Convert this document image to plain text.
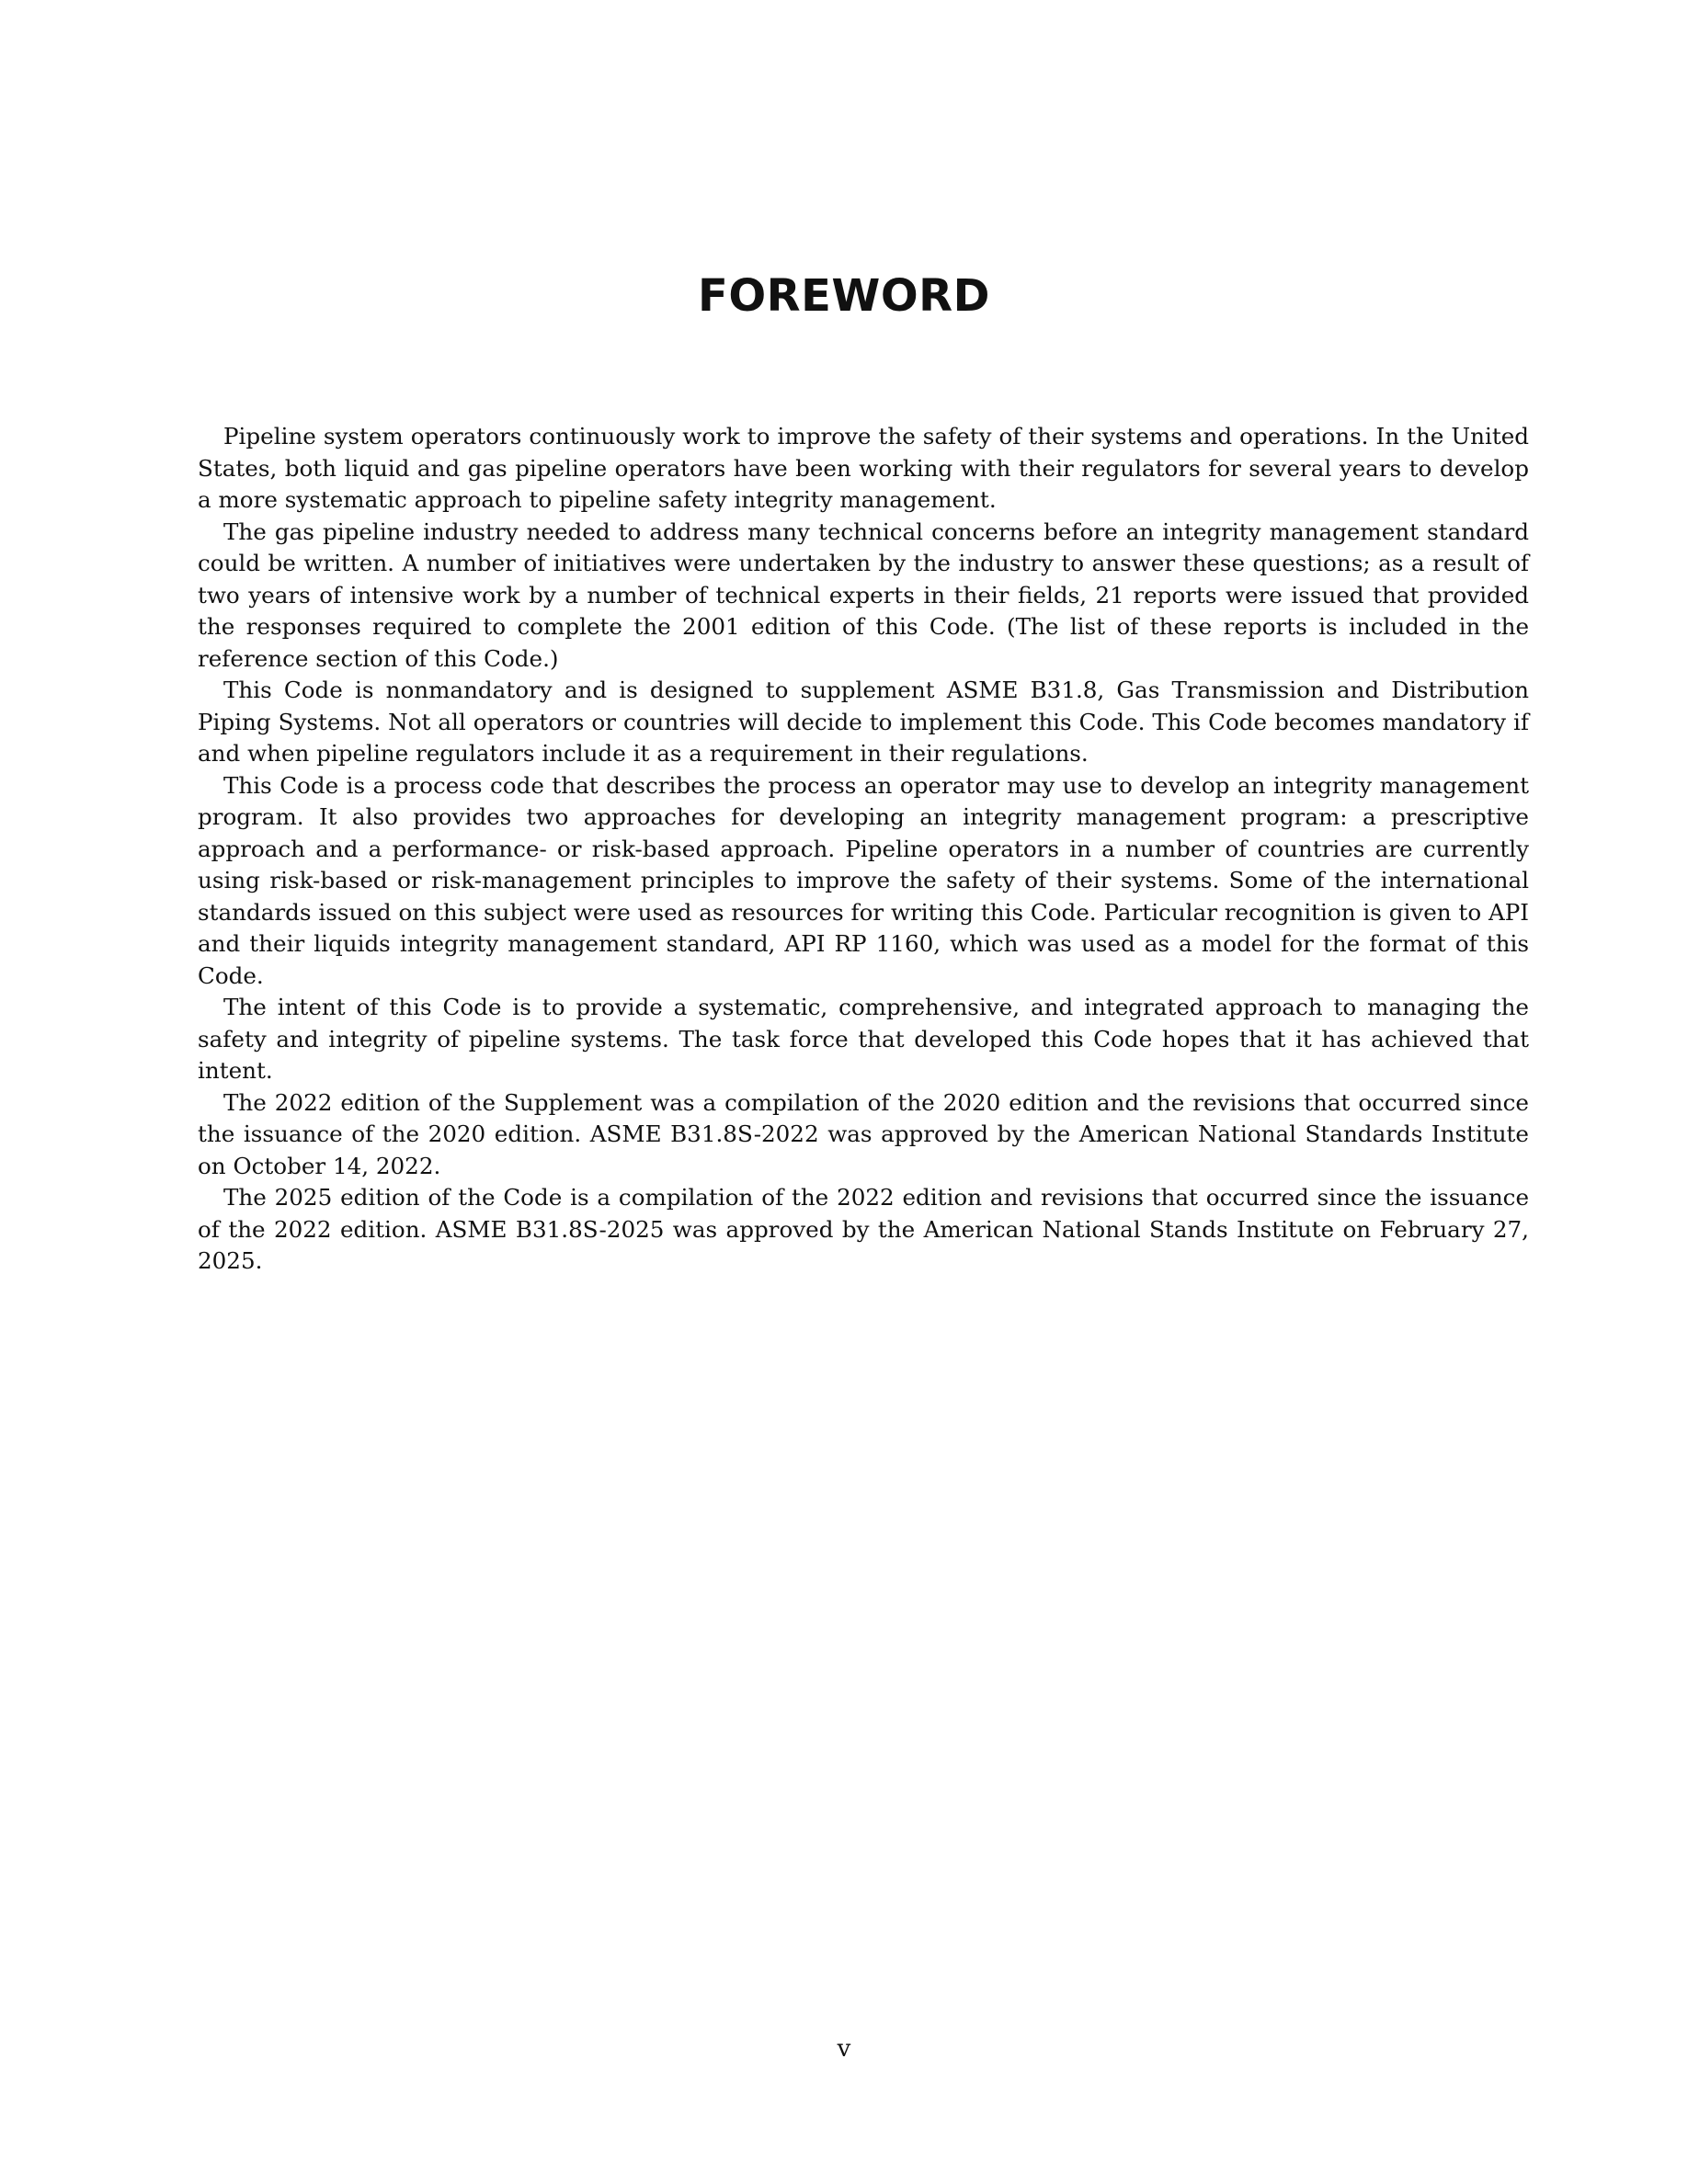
FOREWORD

Pipeline system operators continuously work to improve the safety of their systems and operations. In the United States, both liquid and gas pipeline operators have been working with their regulators for several years to develop a more systematic approach to pipeline safety integrity management.

The gas pipeline industry needed to address many technical concerns before an integrity management standard could be written. A number of initiatives were undertaken by the industry to answer these questions; as a result of two years of intensive work by a number of technical experts in their fields, 21 reports were issued that provided the responses required to complete the 2001 edition of this Code. (The list of these reports is included in the reference section of this Code.)

This Code is nonmandatory and is designed to supplement ASME B31.8, Gas Transmission and Distribution Piping Systems. Not all operators or countries will decide to implement this Code. This Code becomes mandatory if and when pipeline regulators include it as a requirement in their regulations.

This Code is a process code that describes the process an operator may use to develop an integrity management program. It also provides two approaches for developing an integrity management program: a prescriptive approach and a performance- or risk-based approach. Pipeline operators in a number of countries are currently using risk-based or risk-management principles to improve the safety of their systems. Some of the international standards issued on this subject were used as resources for writing this Code. Particular recognition is given to API and their liquids integrity management standard, API RP 1160, which was used as a model for the format of this Code.

The intent of this Code is to provide a systematic, comprehensive, and integrated approach to managing the safety and integrity of pipeline systems. The task force that developed this Code hopes that it has achieved that intent.

The 2022 edition of the Supplement was a compilation of the 2020 edition and the revisions that occurred since the issuance of the 2020 edition. ASME B31.8S-2022 was approved by the American National Standards Institute on October 14, 2022.

The 2025 edition of the Code is a compilation of the 2022 edition and revisions that occurred since the issuance of the 2022 edition. ASME B31.8S-2025 was approved by the American National Stands Institute on February 27, 2025.

v
